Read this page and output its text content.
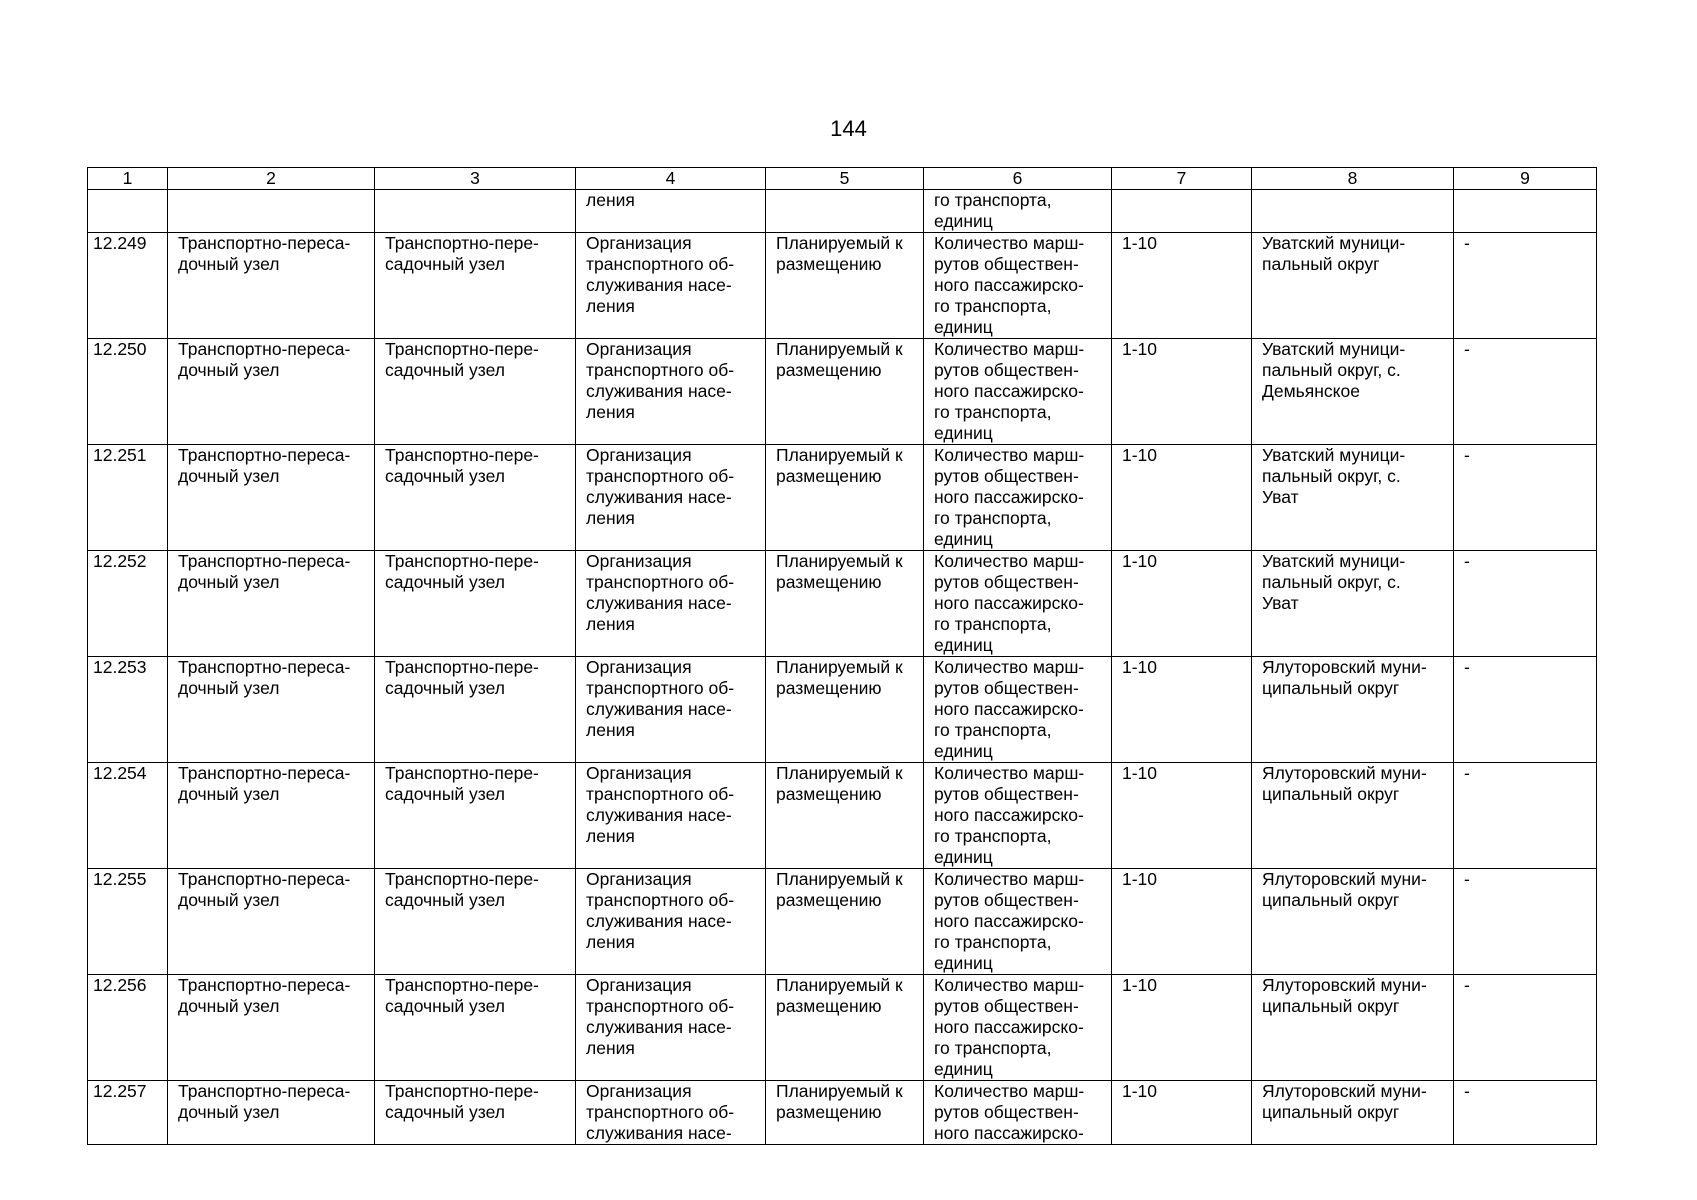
144
1	2	3	4	5	6	7	8	9
			ления		го транспорта,
единиц			
12.249	Транспортно-переса-
дочный узел	Транспортно-пере-
садочный узел	Организация
транспортного об-
служивания насе-
ления	Планируемый к
размещению	Количество марш-
рутов обществен-
ного пассажирско-
го транспорта,
единиц	1-10	Уватский муници-
пальный округ	-
12.250	Транспортно-переса-
дочный узел	Транспортно-пере-
садочный узел	Организация
транспортного об-
служивания насе-
ления	Планируемый к
размещению	Количество марш-
рутов обществен-
ного пассажирско-
го транспорта,
единиц	1-10	Уватский муници-
пальный округ, с.
Демьянское	-
12.251	Транспортно-переса-
дочный узел	Транспортно-пере-
садочный узел	Организация
транспортного об-
служивания насе-
ления	Планируемый к
размещению	Количество марш-
рутов обществен-
ного пассажирско-
го транспорта,
единиц	1-10	Уватский муници-
пальный округ, с.
Уват	-
12.252	Транспортно-переса-
дочный узел	Транспортно-пере-
садочный узел	Организация
транспортного об-
служивания насе-
ления	Планируемый к
размещению	Количество марш-
рутов обществен-
ного пассажирско-
го транспорта,
единиц	1-10	Уватский муници-
пальный округ, с.
Уват	-
12.253	Транспортно-переса-
дочный узел	Транспортно-пере-
садочный узел	Организация
транспортного об-
служивания насе-
ления	Планируемый к
размещению	Количество марш-
рутов обществен-
ного пассажирско-
го транспорта,
единиц	1-10	Ялуторовский муни-
ципальный округ	-
12.254	Транспортно-переса-
дочный узел	Транспортно-пере-
садочный узел	Организация
транспортного об-
служивания насе-
ления	Планируемый к
размещению	Количество марш-
рутов обществен-
ного пассажирско-
го транспорта,
единиц	1-10	Ялуторовский муни-
ципальный округ	-
12.255	Транспортно-переса-
дочный узел	Транспортно-пере-
садочный узел	Организация
транспортного об-
служивания насе-
ления	Планируемый к
размещению	Количество марш-
рутов обществен-
ного пассажирско-
го транспорта,
единиц	1-10	Ялуторовский муни-
ципальный округ	-
12.256	Транспортно-переса-
дочный узел	Транспортно-пере-
садочный узел	Организация
транспортного об-
служивания насе-
ления	Планируемый к
размещению	Количество марш-
рутов обществен-
ного пассажирско-
го транспорта,
единиц	1-10	Ялуторовский муни-
ципальный округ	-
12.257	Транспортно-переса-
дочный узел	Транспортно-пере-
садочный узел	Организация
транспортного об-
служивания насе-	Планируемый к
размещению	Количество марш-
рутов обществен-
ного пассажирско-	1-10	Ялуторовский муни-
ципальный округ	-
